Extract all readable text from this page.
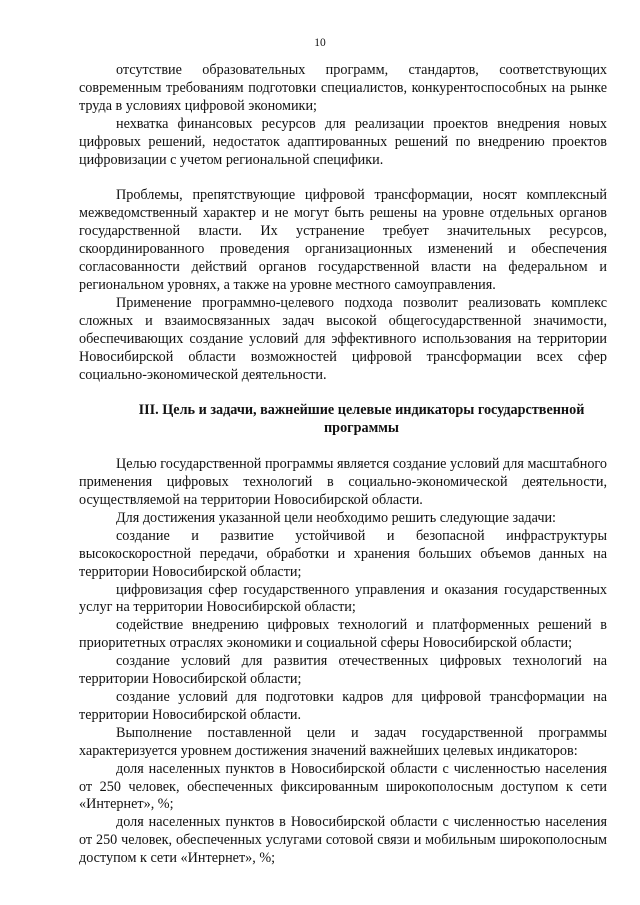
10

отсутствие образовательных программ, стандартов, соответствующих современным требованиям подготовки специалистов, конкурентоспособных на рынке труда в условиях цифровой экономики;

нехватка финансовых ресурсов для реализации проектов внедрения новых цифровых решений, недостаток адаптированных решений по внедрению проектов цифровизации с учетом региональной специфики.

Проблемы, препятствующие цифровой трансформации, носят комплексный межведомственный характер и не могут быть решены на уровне отдельных органов государственной власти. Их устранение требует значительных ресурсов, скоординированного проведения организационных изменений и обеспечения согласованности действий органов государственной власти на федеральном и региональном уровнях, а также на уровне местного самоуправления.

Применение программно-целевого подхода позволит реализовать комплекс сложных и взаимосвязанных задач высокой общегосударственной значимости, обеспечивающих создание условий для эффективного использования на территории Новосибирской области возможностей цифровой трансформации всех сфер социально-экономической деятельности.

III. Цель и задачи, важнейшие целевые индикаторы государственной программы

Целью государственной программы является создание условий для масштабного применения цифровых технологий в социально-экономической деятельности, осуществляемой на территории Новосибирской области.

Для достижения указанной цели необходимо решить следующие задачи:

создание и развитие устойчивой и безопасной инфраструктуры высокоскоростной передачи, обработки и хранения больших объемов данных на территории Новосибирской области;

цифровизация сфер государственного управления и оказания государственных услуг на территории Новосибирской области;

содействие внедрению цифровых технологий и платформенных решений в приоритетных отраслях экономики и социальной сферы Новосибирской области;

создание условий для развития отечественных цифровых технологий на территории Новосибирской области;

создание условий для подготовки кадров для цифровой трансформации на территории Новосибирской области.

Выполнение поставленной цели и задач государственной программы характеризуется уровнем достижения значений важнейших целевых индикаторов:

доля населенных пунктов в Новосибирской области с численностью населения от 250 человек, обеспеченных фиксированным широкополосным доступом к сети «Интернет», %;

доля населенных пунктов в Новосибирской области с численностью населения от 250 человек, обеспеченных услугами сотовой связи и мобильным широкополосным доступом к сети «Интернет», %;
